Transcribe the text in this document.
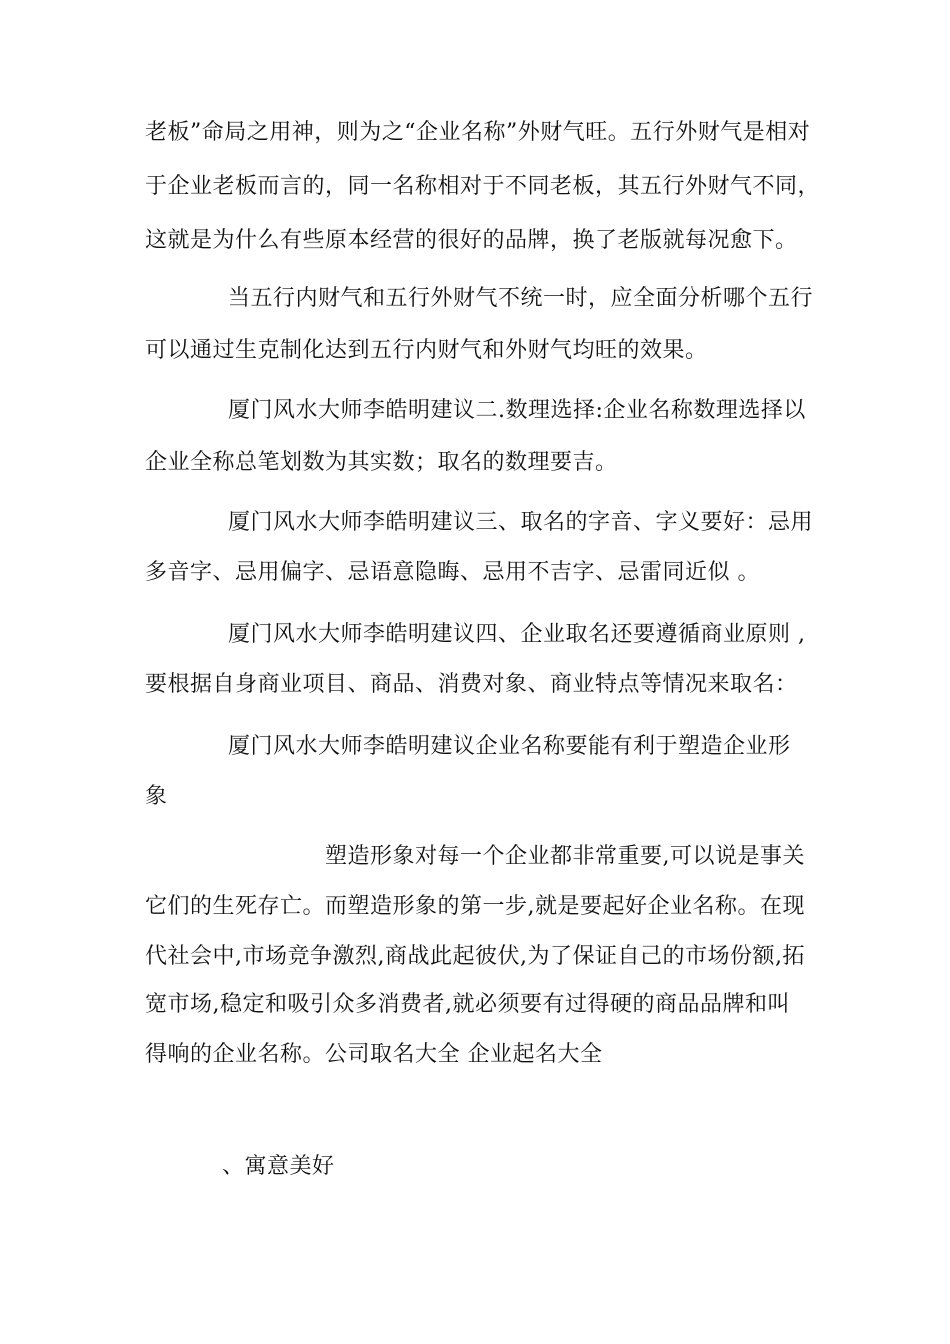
老板”命局之用神，则为之“企业名称”外财气旺。五行外财气是相对
于企业老板而言的，同一名称相对于不同老板，其五行外财气不同，
这就是为什么有些原本经营的很好的品牌，换了老版就每况愈下。
当五行内财气和五行外财气不统一时，应全面分析哪个五行
可以通过生克制化达到五行内财气和外财气均旺的效果。
厦门风水大师李皓明建议二.数理选择:企业名称数理选择以
企业全称总笔划数为其实数；取名的数理要吉。
厦门风水大师李皓明建议三、取名的字音、字义要好：忌用
多音字、忌用偏字、忌语意隐晦、忌用不吉字、忌雷同近似 。
厦门风水大师李皓明建议四、企业取名还要遵循商业原则 ,
要根据自身商业项目、商品、消费对象、商业特点等情况来取名：
厦门风水大师李皓明建议企业名称要能有利于塑造企业形
象
塑造形象对每一个企业都非常重要,可以说是事关
它们的生死存亡。而塑造形象的第一步,就是要起好企业名称。在现
代社会中,市场竞争激烈,商战此起彼伏,为了保证自己的市场份额,拓
宽市场,稳定和吸引众多消费者,就必须要有过得硬的商品品牌和叫
得响的企业名称。公司取名大全 企业起名大全
、寓意美好
